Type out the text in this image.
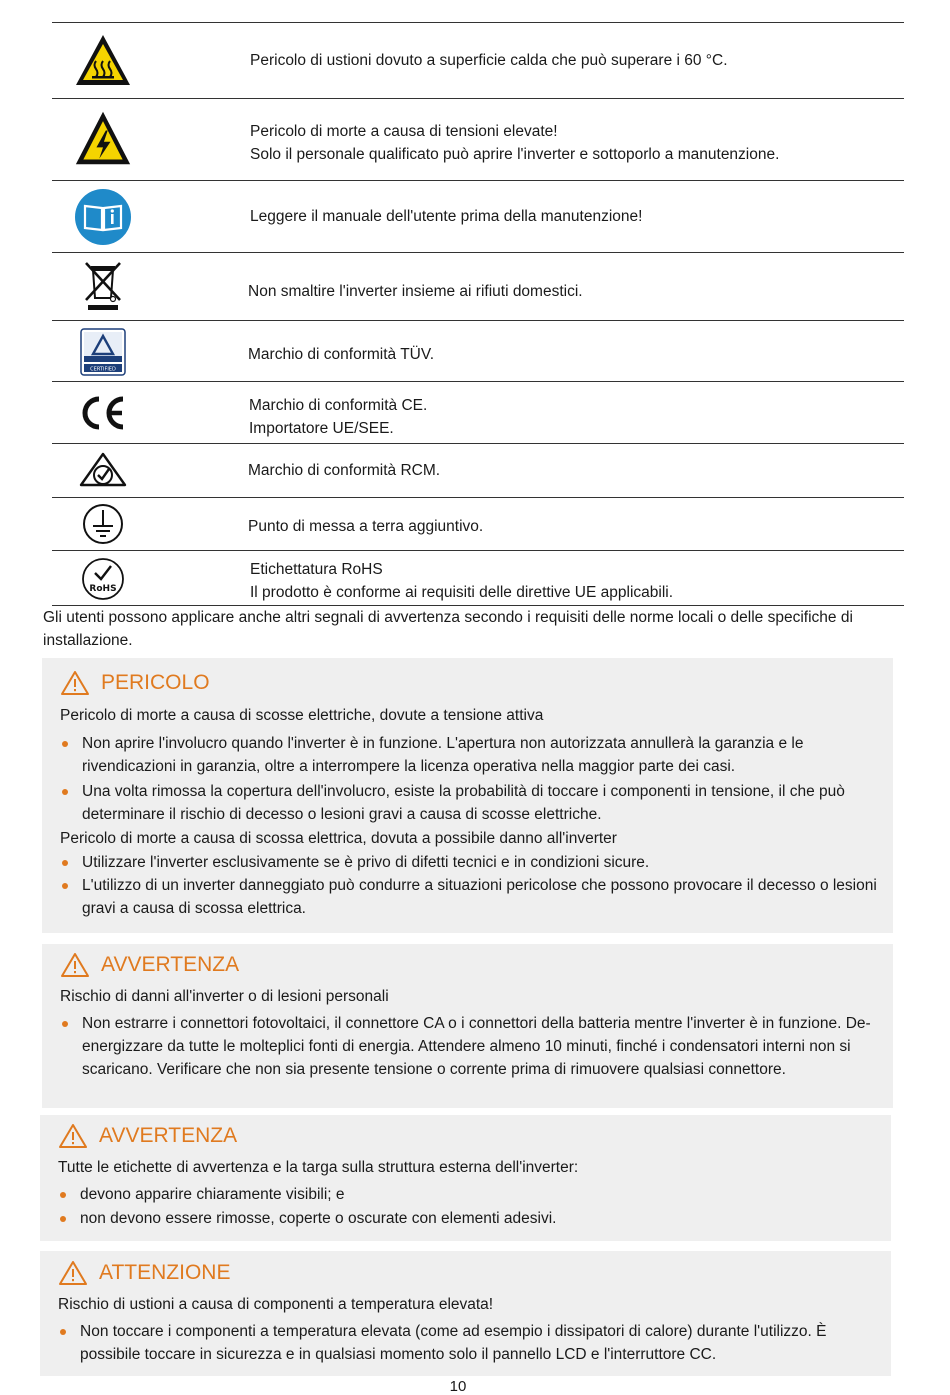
Pericolo di ustioni dovuto a superficie calda che può superare i 60 °C.
Pericolo di morte a causa di tensioni elevate!
Solo il personale qualificato può aprire l'inverter e sottoporlo a manutenzione.
Leggere il manuale dell'utente prima della manutenzione!
Non smaltire l'inverter insieme ai rifiuti domestici.
CERTIFIED
Marchio di conformità TÜV.
Marchio di conformità CE.
Importatore UE/SEE.
Marchio di conformità RCM.
Punto di messa a terra aggiuntivo.
RoHS
Etichettatura RoHS
Il prodotto è conforme ai requisiti delle direttive UE applicabili.
Gli utenti possono applicare anche altri segnali di avvertenza secondo i requisiti delle norme locali o delle specifiche di installazione.
PERICOLO
Pericolo di morte a causa di scosse elettriche, dovute a tensione attiva
Non aprire l'involucro quando l'inverter è in funzione. L'apertura non autorizzata annullerà la garanzia e le rivendicazioni in garanzia, oltre a interrompere la licenza operativa nella maggior parte dei casi.
Una volta rimossa la copertura dell'involucro, esiste la probabilità di toccare i componenti in tensione, il che può determinare il rischio di decesso o lesioni gravi a causa di scosse elettriche.
Pericolo di morte a causa di scossa elettrica, dovuta a possibile danno all'inverter
Utilizzare l'inverter esclusivamente se è privo di difetti tecnici e in condizioni sicure.
L'utilizzo di un inverter danneggiato può condurre a situazioni pericolose che possono provocare il decesso o lesioni gravi a causa di scossa elettrica.
AVVERTENZA
Rischio di danni all'inverter o di lesioni personali
Non estrarre i connettori fotovoltaici, il connettore CA o i connettori della batteria mentre l'inverter è in funzione. De-energizzare da tutte le molteplici fonti di energia. Attendere almeno 10 minuti, finché i condensatori interni non si scaricano. Verificare che non sia presente tensione o corrente prima di rimuovere qualsiasi connettore.
AVVERTENZA
Tutte le etichette di avvertenza e la targa sulla struttura esterna dell'inverter:
devono apparire chiaramente visibili; e
non devono essere rimosse, coperte o oscurate con elementi adesivi.
ATTENZIONE
Rischio di ustioni a causa di componenti a temperatura elevata!
Non toccare i componenti a temperatura elevata (come ad esempio i dissipatori di calore) durante l'utilizzo. È possibile toccare in sicurezza e in qualsiasi momento solo il pannello LCD e l'interruttore CC.
10
